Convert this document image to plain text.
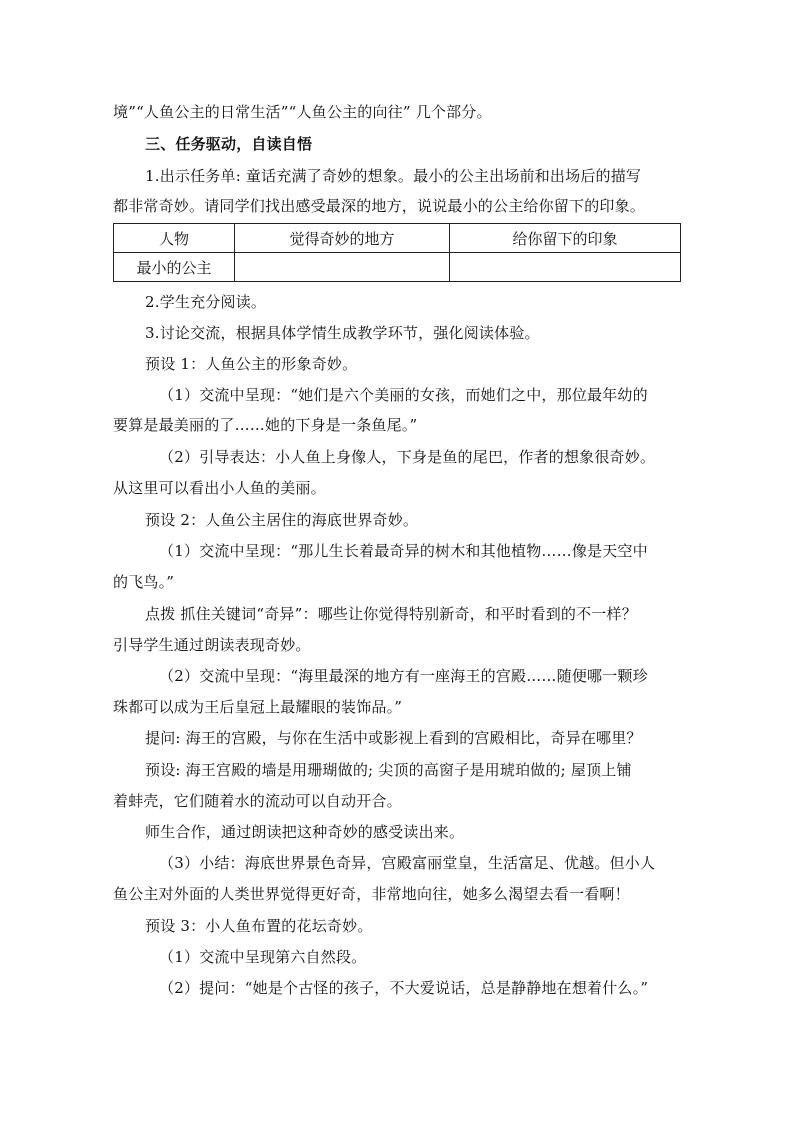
境”“人鱼公主的日常生活”“人鱼公主的向往” 几个部分。
三、任务驱动，自读自悟
1.出示任务单: 童话充满了奇妙的想象。最小的公主出场前和出场后的描写
都非常奇妙。请同学们找出感受最深的地方，说说最小的公主给你留下的印象。
人物	觉得奇妙的地方	给你留下的印象
最小的公主		
2.学生充分阅读。
3.讨论交流，根据具体学情生成教学环节，强化阅读体验。
预设 1：人鱼公主的形象奇妙。
（1）交流中呈现：“她们是六个美丽的女孩，而她们之中，那位最年幼的
要算是最美丽的了……她的下身是一条鱼尾。”
（2）引导表达：小人鱼上身像人，下身是鱼的尾巴，作者的想象很奇妙。
从这里可以看出小人鱼的美丽。
预设 2：人鱼公主居住的海底世界奇妙。
（1）交流中呈现：“那儿生长着最奇异的树木和其他植物……像是天空中
的飞鸟。”
点拨 抓住关键词“奇异”：哪些让你觉得特别新奇，和平时看到的不一样？
引导学生通过朗读表现奇妙。
（2）交流中呈现：“海里最深的地方有一座海王的宫殿……随便哪一颗珍
珠都可以成为王后皇冠上最耀眼的装饰品。”
提问: 海王的宫殿，与你在生活中或影视上看到的宫殿相比，奇异在哪里？
预设: 海王宫殿的墙是用珊瑚做的; 尖顶的高窗子是用琥珀做的; 屋顶上铺
着蚌壳，它们随着水的流动可以自动开合。
师生合作，通过朗读把这种奇妙的感受读出来。
（3）小结：海底世界景色奇异，宫殿富丽堂皇，生活富足、优越。但小人
鱼公主对外面的人类世界觉得更好奇，非常地向往，她多么渴望去看一看啊！
预设 3：小人鱼布置的花坛奇妙。
（1）交流中呈现第六自然段。
（2）提问：“她是个古怪的孩子，不大爱说话，总是静静地在想着什么。”
